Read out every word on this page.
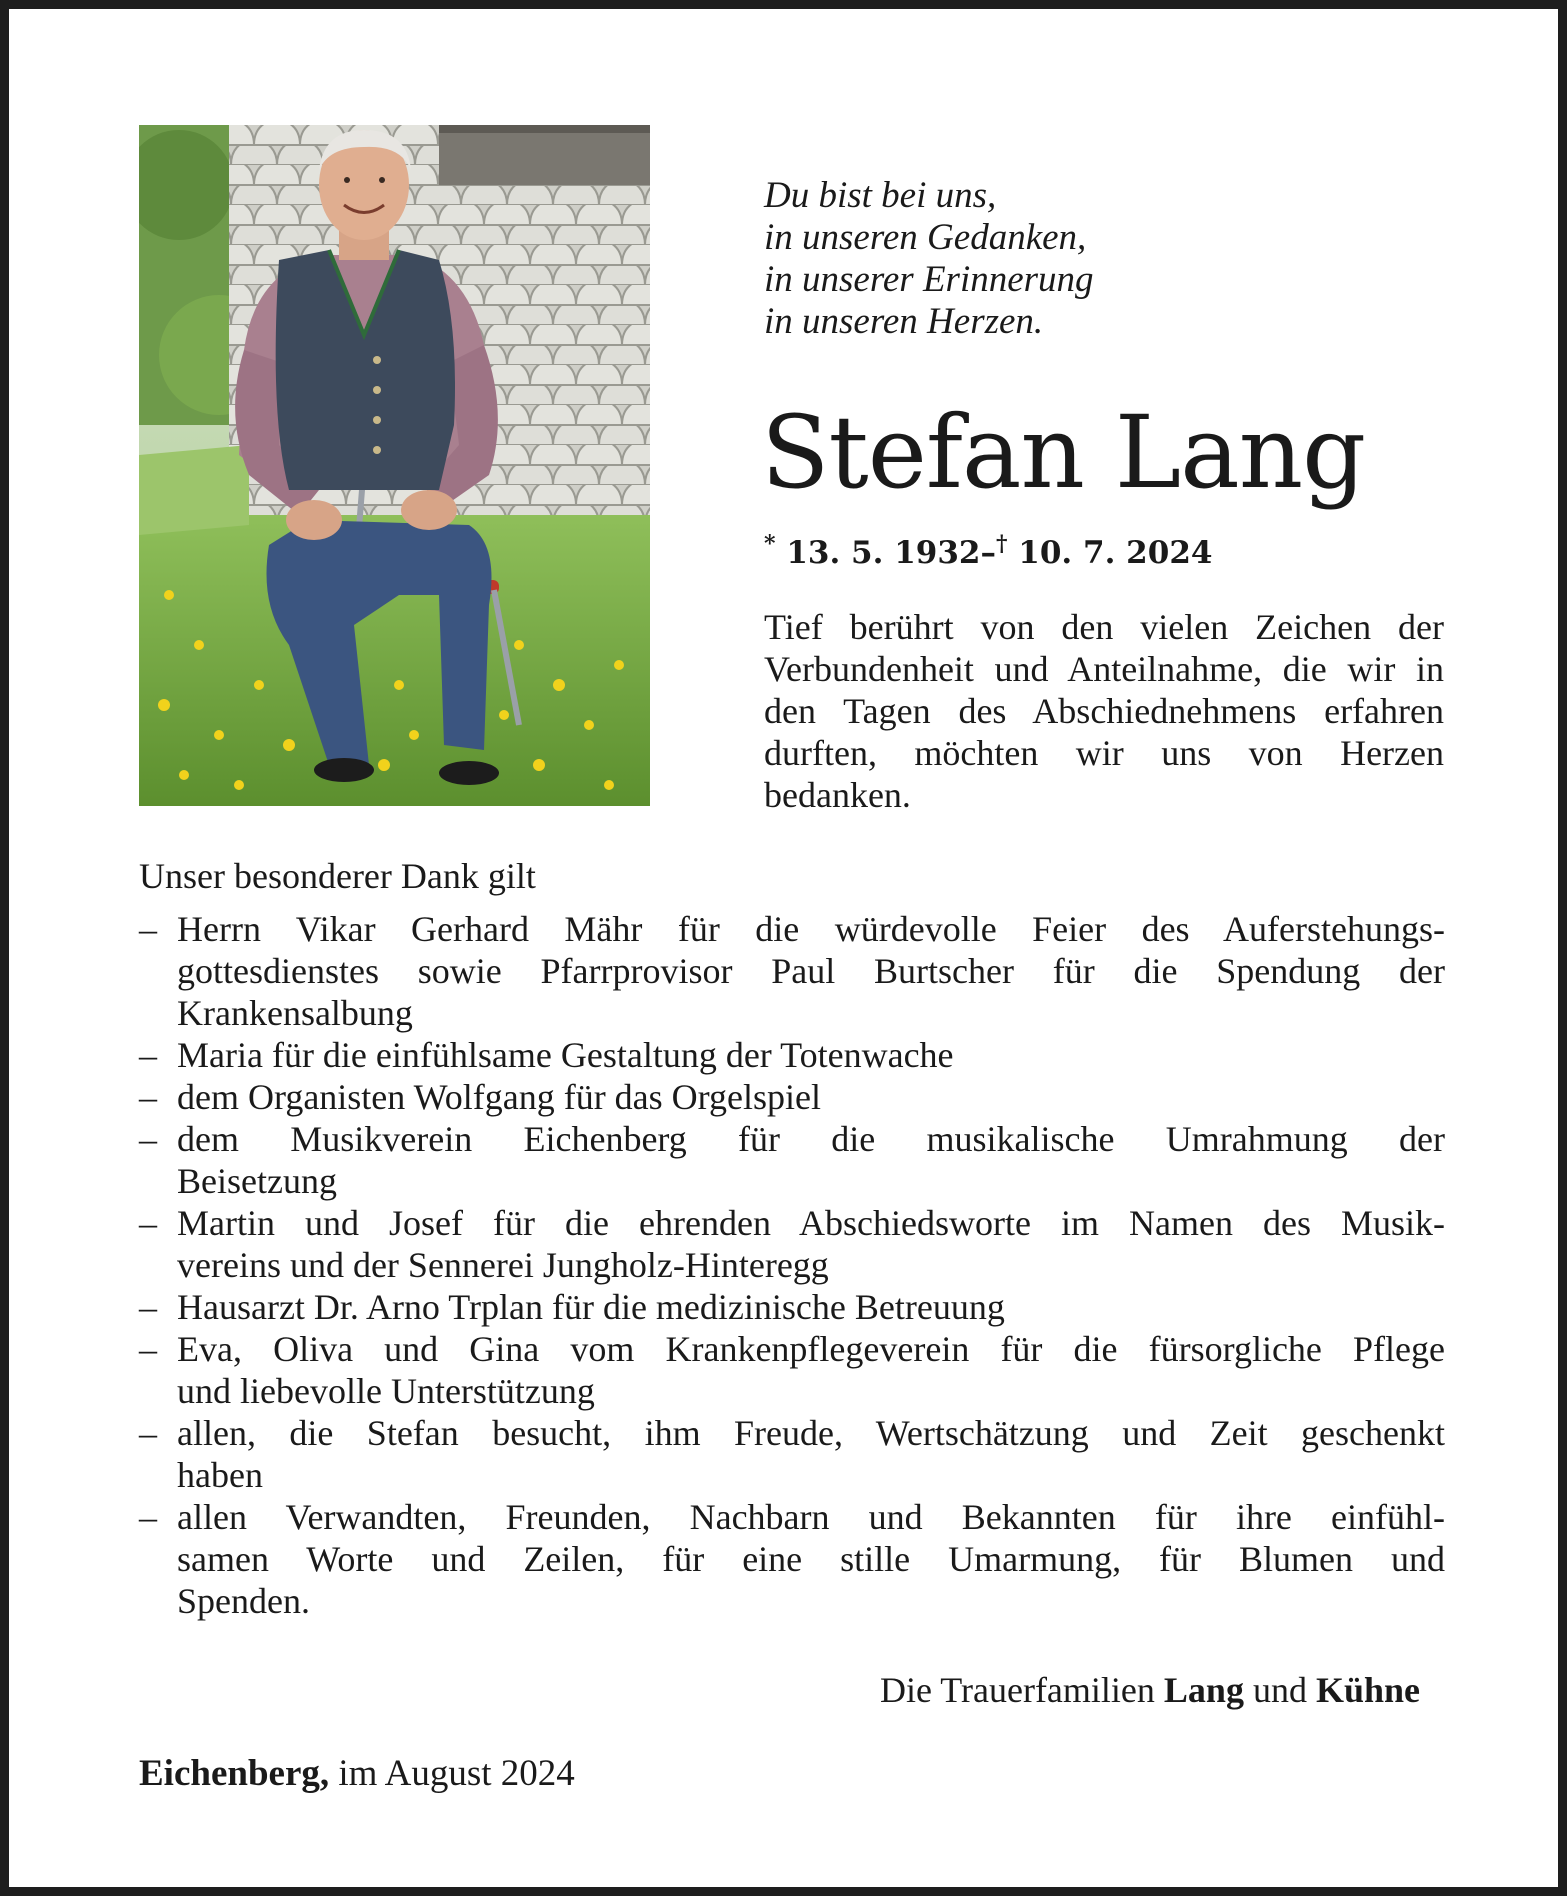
Du bist bei uns,
in unseren Gedanken,
in unserer Erinnerung
in unseren Herzen.
Stefan Lang
* 13. 5. 1932–† 10. 7. 2024
Tief berührt von den vielen Zeichen der Verbundenheit und Anteilnahme, die wir in den Tagen des Abschiednehmens erfahren durften, möchten wir uns von Herzen bedanken.
Unser besonderer Dank gilt
– Herrn Vikar Gerhard Mähr für die würdevolle Feier des Auferstehungs-
gottesdienstes sowie Pfarrprovisor Paul Burtscher für die Spendung der
Krankensalbung
– Maria für die einfühlsame Gestaltung der Totenwache
– dem Organisten Wolfgang für das Orgelspiel
– dem Musikverein Eichenberg für die musikalische Umrahmung der
Beisetzung
– Martin und Josef für die ehrenden Abschiedsworte im Namen des Musik-
vereins und der Sennerei Jungholz-Hinteregg
– Hausarzt Dr. Arno Trplan für die medizinische Betreuung
– Eva, Oliva und Gina vom Krankenpflegeverein für die fürsorgliche Pflege
und liebevolle Unterstützung
– allen, die Stefan besucht, ihm Freude, Wertschätzung und Zeit geschenkt
haben
– allen Verwandten, Freunden, Nachbarn und Bekannten für ihre einfühl-
samen Worte und Zeilen, für eine stille Umarmung, für Blumen und
Spenden.
Die Trauerfamilien Lang und Kühne
Eichenberg, im August 2024
